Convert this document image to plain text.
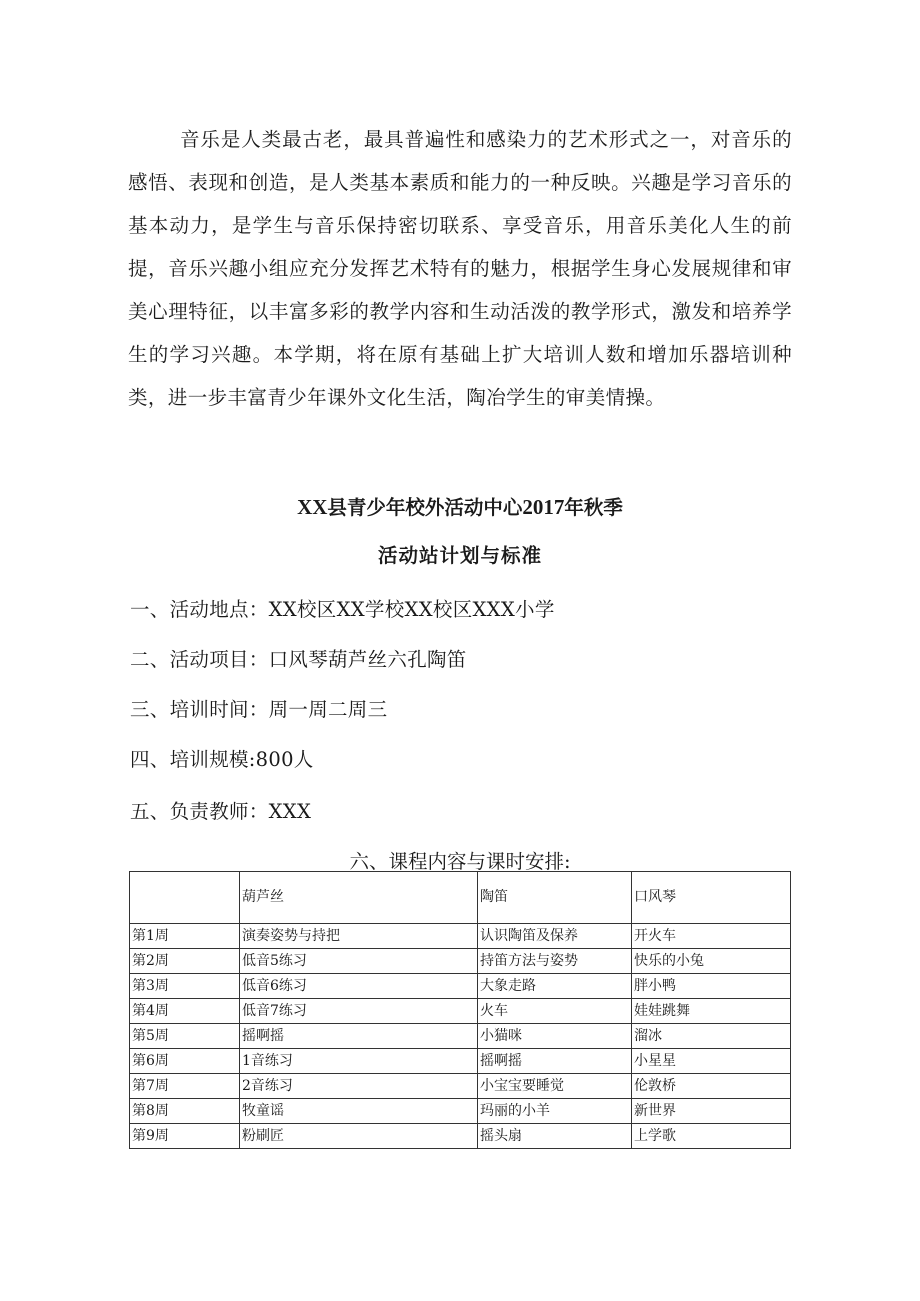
音乐是人类最古老，最具普遍性和感染力的艺术形式之一，对音乐的感悟、表现和创造，是人类基本素质和能力的一种反映。兴趣是学习音乐的基本动力，是学生与音乐保持密切联系、享受音乐，用音乐美化人生的前提，音乐兴趣小组应充分发挥艺术特有的魅力，根据学生身心发展规律和审美心理特征，以丰富多彩的教学内容和生动活泼的教学形式，激发和培养学生的学习兴趣。本学期，将在原有基础上扩大培训人数和增加乐器培训种类，进一步丰富青少年课外文化生活，陶冶学生的审美情操。

XX县青少年校外活动中心2017年秋季
活动站计划与标准

一、活动地点：XX校区XX学校XX校区XXX小学

二、活动项目：口风琴葫芦丝六孔陶笛

三、培训时间：周一周二周三

四、培训规模:800人

五、负责教师：XXX

六、课程内容与课时安排:

	葫芦丝	陶笛	口风琴
第1周	演奏姿势与持把	认识陶笛及保养	开火车
第2周	低音5练习	持笛方法与姿势	快乐的小兔
第3周	低音6练习	大象走路	胖小鸭
第4周	低音7练习	火车	娃娃跳舞
第5周	摇啊摇	小猫咪	溜冰
第6周	1音练习	摇啊摇	小星星
第7周	2音练习	小宝宝要睡觉	伦敦桥
第8周	牧童谣	玛丽的小羊	新世界
第9周	粉刷匠	摇头扇	上学歌
